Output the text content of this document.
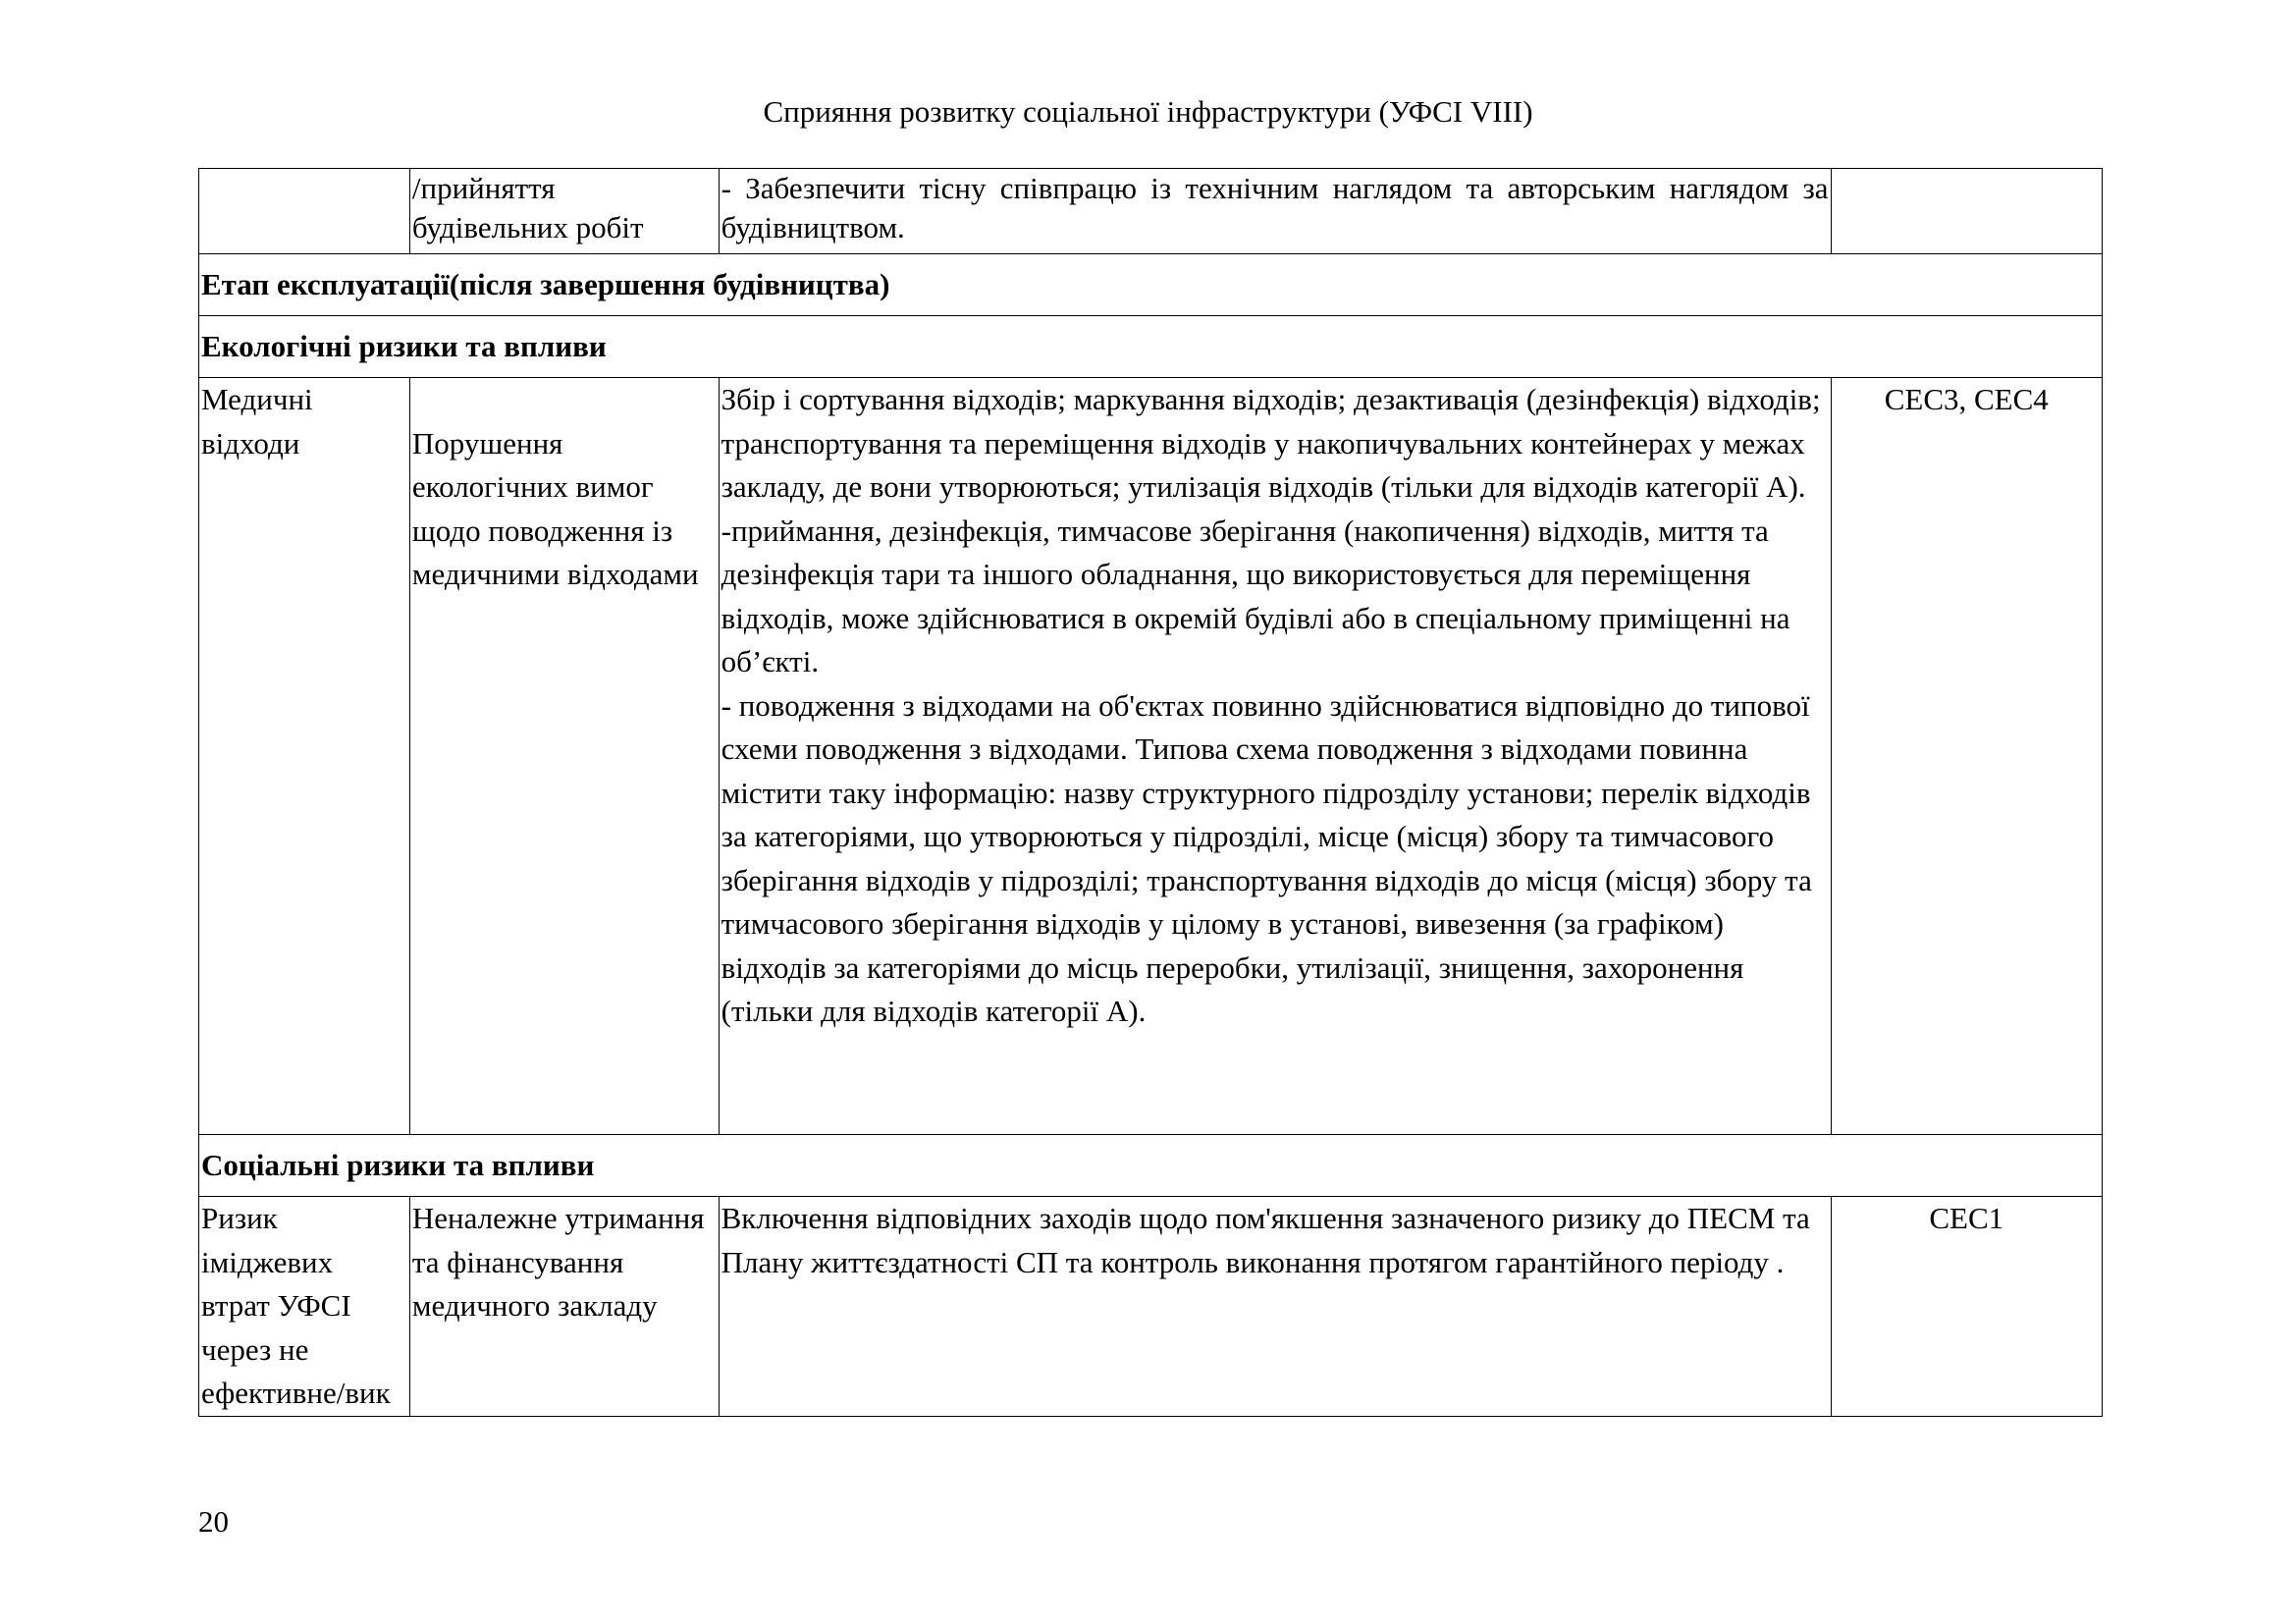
Сприяння розвитку соціальної інфраструктури (УФСІ VIII)
	/прийняття будівельних робіт	- Забезпечити тісну співпрацю із технічним наглядом та авторським наглядом за будівництвом.	
Етап експлуатації(після завершення будівництва)			
Екологічні ризики та впливи			
Медичні відходи	Порушення екологічних вимог щодо поводження із медичними відходами	Збір і сортування відходів; маркування відходів; дезактивація (дезінфекція) відходів; транспортування та переміщення відходів у накопичувальних контейнерах у межах закладу, де вони утворюються; утилізація відходів (тільки для відходів категорії А).
-приймання, дезінфекція, тимчасове зберігання (накопичення) відходів, миття та дезінфекція тари та іншого обладнання, що використовується для переміщення відходів, може здійснюватися в окремій будівлі або в спеціальному приміщенні на об’єкті.
- поводження з відходами на об'єктах повинно здійснюватися відповідно до типової схеми поводження з відходами. Типова схема поводження з відходами повинна містити таку інформацію: назву структурного підрозділу установи; перелік відходів за категоріями, що утворюються у підрозділі, місце (місця) збору та тимчасового зберігання відходів у підрозділі; транспортування відходів до місця (місця) збору та тимчасового зберігання відходів у цілому в установі, вивезення (за графіком) відходів за категоріями до місць переробки, утилізації, знищення, захоронення (тільки для відходів категорії А).	CEC3, CEC4
Соціальні ризики та впливи			
Ризик іміджевих втрат УФСІ через не ефективне/вик	Неналежне утримання та фінансування медичного закладу	Включення відповідних заходів щодо пом'якшення зазначеного ризику до ПЕСМ та Плану життєздатності СП та контроль виконання протягом гарантійного періоду .	CEC1
20
